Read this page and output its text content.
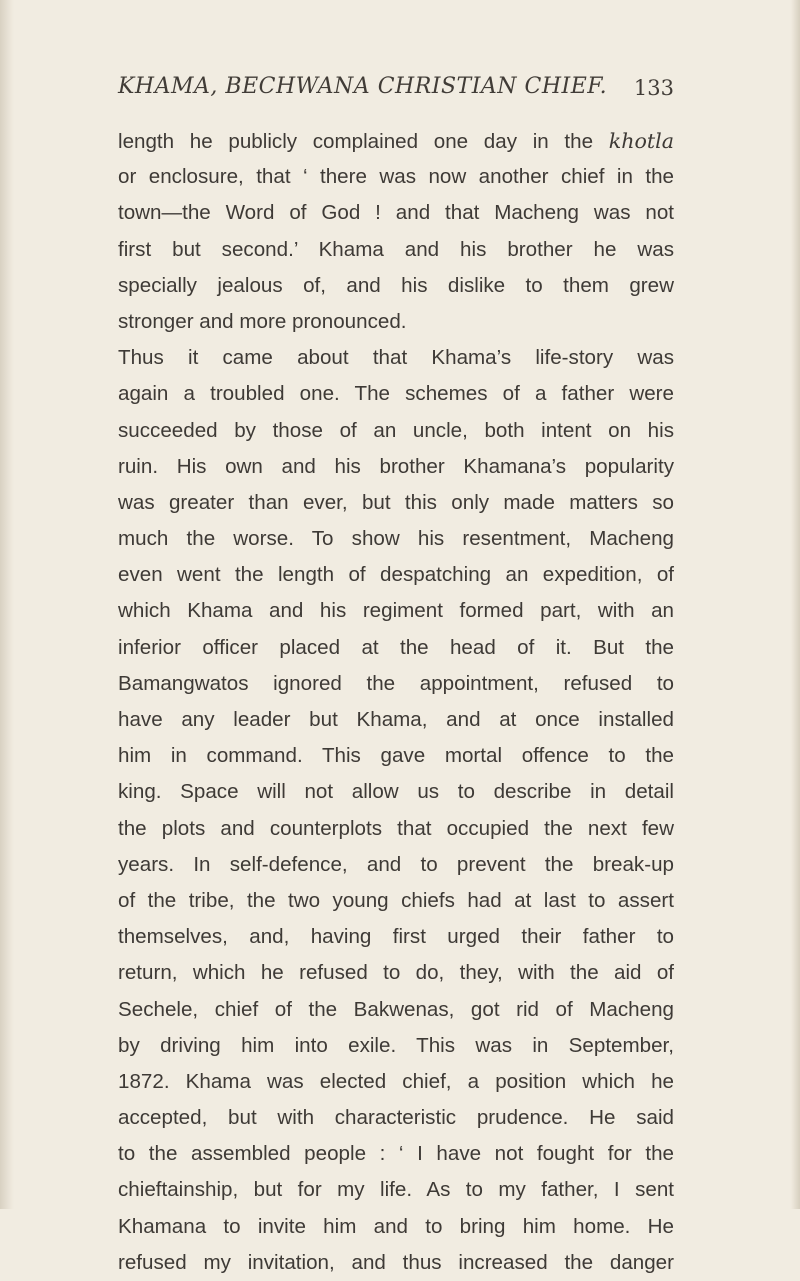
KHAMA, BECHWANA CHRISTIAN CHIEF. 133
length he publicly complained one day in the khotla
or enclosure, that ‘ there was now another chief in the
town—the Word of God ! and that Macheng was not
first but second.’ Khama and his brother he was
specially jealous of, and his dislike to them grew
stronger and more pronounced.
Thus it came about that Khama’s life-story was
again a troubled one. The schemes of a father were
succeeded by those of an uncle, both intent on his
ruin. His own and his brother Khamana’s popularity
was greater than ever, but this only made matters so
much the worse. To show his resentment, Macheng
even went the length of despatching an expedition, of
which Khama and his regiment formed part, with an
inferior officer placed at the head of it. But the
Bamangwatos ignored the appointment, refused to
have any leader but Khama, and at once installed
him in command. This gave mortal offence to the
king. Space will not allow us to describe in detail
the plots and counterplots that occupied the next few
years. In self-defence, and to prevent the break-up
of the tribe, the two young chiefs had at last to assert
themselves, and, having first urged their father to
return, which he refused to do, they, with the aid of
Sechele, chief of the Bakwenas, got rid of Macheng
by driving him into exile. This was in September,
1872. Khama was elected chief, a position which he
accepted, but with characteristic prudence. He said
to the assembled people : ‘ I have not fought for the
chieftainship, but for my life. As to my father, I sent
Khamana to invite him and to bring him home. He
refused my invitation, and thus increased the danger
